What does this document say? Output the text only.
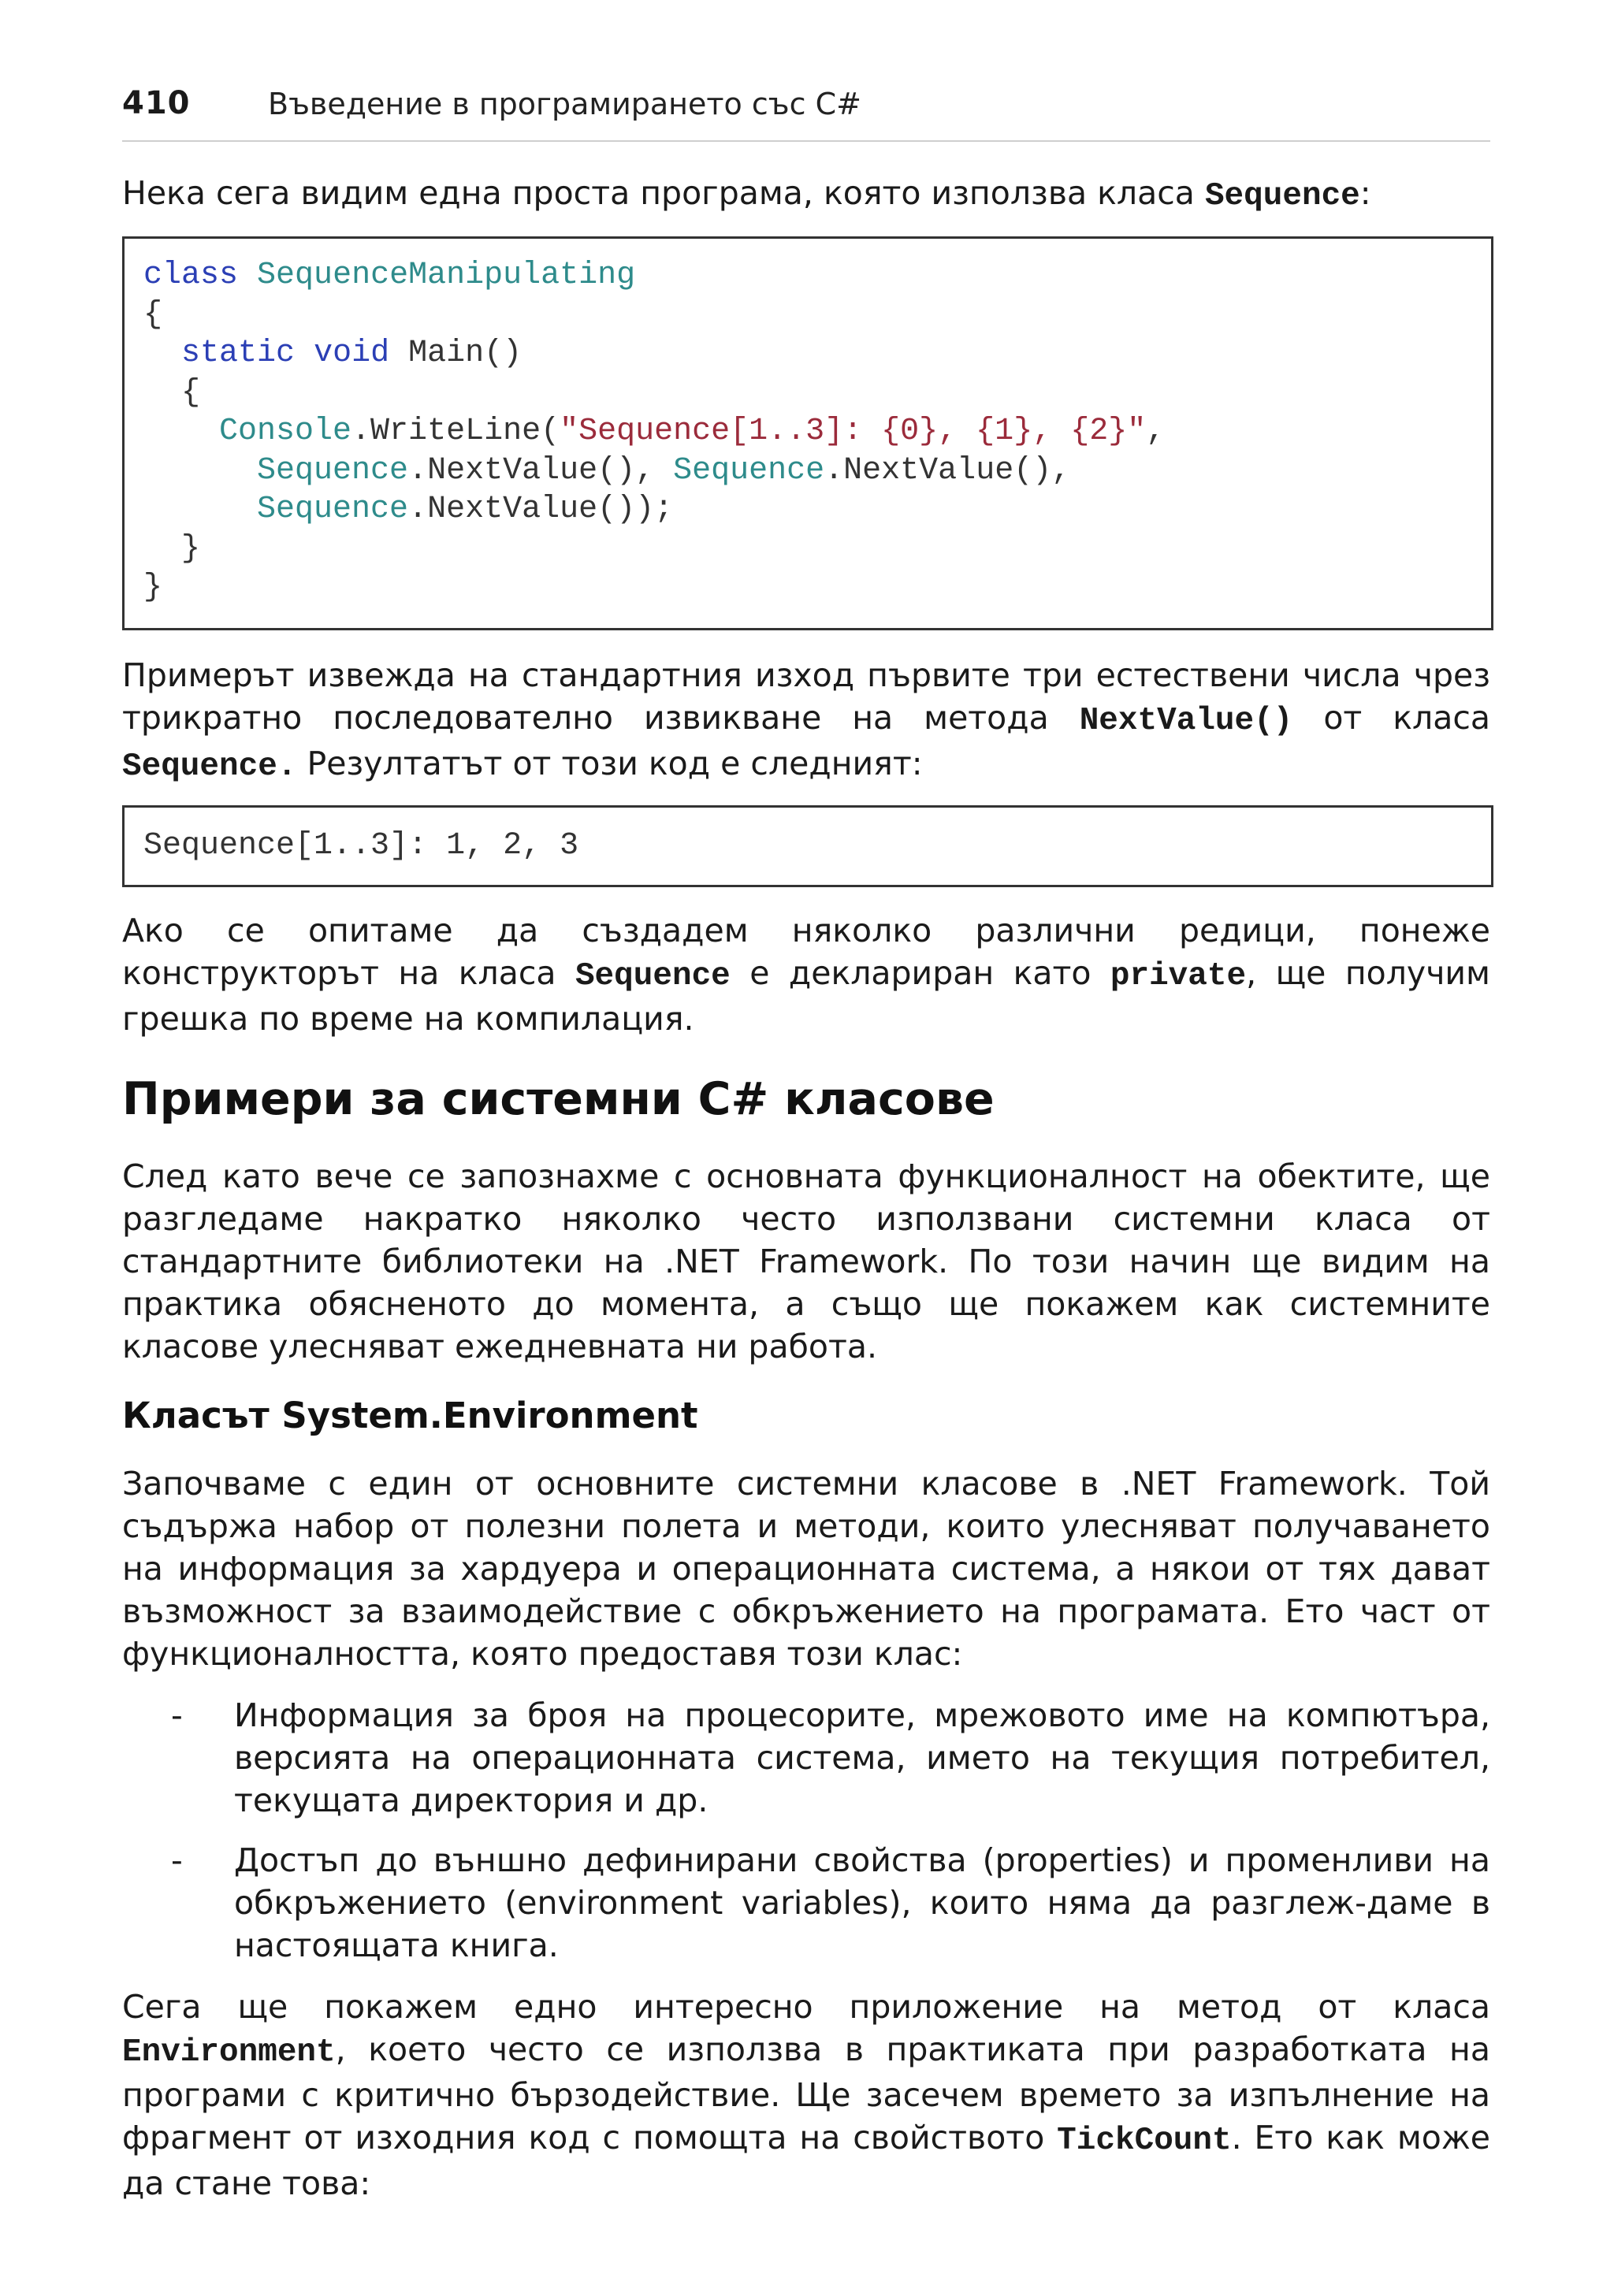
410	Въведение в програмирането със C#
Нека сега видим една проста програма, която използва класа Sequence:
class SequenceManipulating
{
static void Main()
{
Console.WriteLine("Sequence[1..3]: {0}, {1}, {2}",
Sequence.NextValue(), Sequence.NextValue(),
Sequence.NextValue());
}
}
Примерът извежда на стандартния изход първите три естествени числа чрез трикратно последователно извикване на метода NextValue() от класа Sequence. Резултатът от този код е следният:
Sequence[1..3]: 1, 2, 3
Ако се опитаме да създадем няколко различни редици, понеже конструкторът на класа Sequence е деклариран като private, ще получим грешка по време на компилация.
Примери за системни C# класове
След като вече се запознахме с основната функционалност на обектите, ще разгледаме накратко няколко често използвани системни класа от стандартните библиотеки на .NET Framework. По този начин ще видим на практика обясненото до момента, а също ще покажем как системните класове улесняват ежедневната ни работа.
Класът System.Environment
Започваме с един от основните системни класове в .NET Framework. Той съдържа набор от полезни полета и методи, които улесняват получаването на информация за хардуера и операционната система, а някои от тях дават възможност за взаимодействие с обкръжението на програмата. Ето част от функционалността, която предоставя този клас:
- Информация за броя на процесорите, мрежовото име на компютъра, версията на операционната система, името на текущия потребител, текущата директория и др.
- Достъп до външно дефинирани свойства (properties) и променливи на обкръжението (environment variables), които няма да разглеж-даме в настоящата книга.
Сега ще покажем едно интересно приложение на метод от класа Environment, което често се използва в практиката при разработката на програми с критично бързодействие. Ще засечем времето за изпълнение на фрагмент от изходния код с помощта на свойството TickCount. Ето как може да стане това:
